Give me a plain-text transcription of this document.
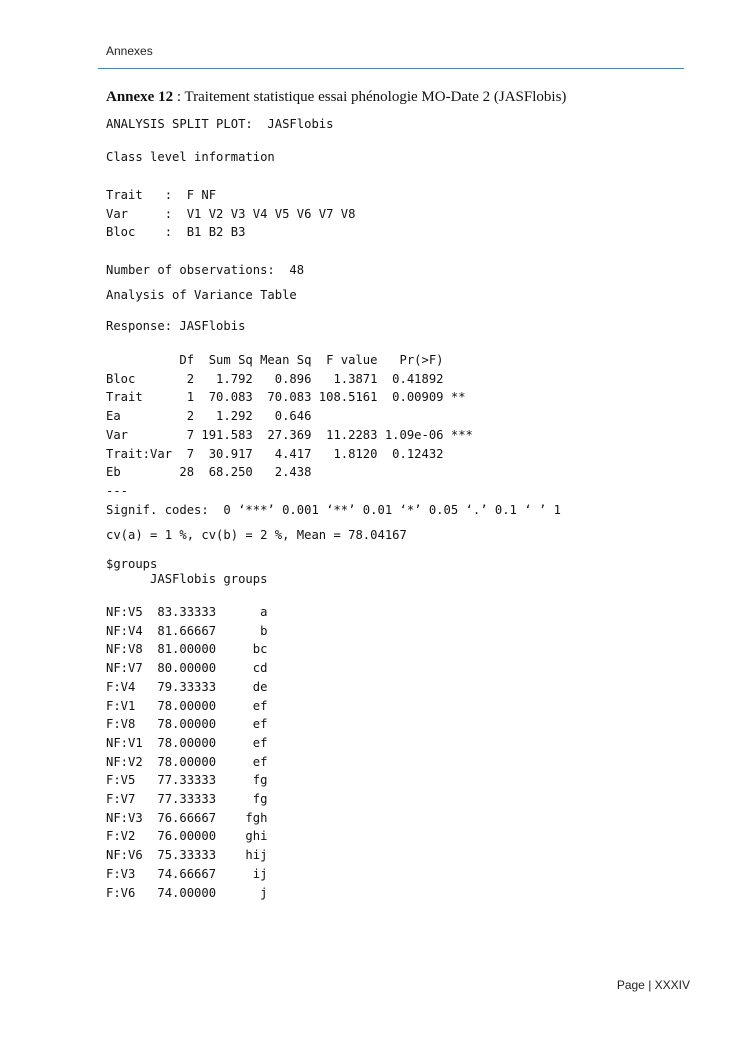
Annexes
Annexe 12 : Traitement statistique essai phénologie MO-Date 2 (JASFlobis)
ANALYSIS SPLIT PLOT:  JASFlobis
Class level information
Trait   :  F NF
Var     :  V1 V2 V3 V4 V5 V6 V7 V8
Bloc    :  B1 B2 B3
Number of observations:  48
Analysis of Variance Table
Response: JASFlobis
Df  Sum Sq Mean Sq  F value   Pr(>F)
Bloc       2   1.792   0.896   1.3871  0.41892
Trait      1  70.083  70.083 108.5161  0.00909 **
Ea         2   1.292   0.646
Var        7 191.583  27.369  11.2283 1.09e-06 ***
Trait:Var  7  30.917   4.417   1.8120  0.12432
Eb        28  68.250   2.438
---
Signif. codes:  0 ‘***’ 0.001 ‘**’ 0.01 ‘*’ 0.05 ‘.’ 0.1 ‘ ’ 1
cv(a) = 1 %, cv(b) = 2 %, Mean = 78.04167
$groups
JASFlobis groups
NF:V5  83.33333      a
NF:V4  81.66667      b
NF:V8  81.00000     bc
NF:V7  80.00000     cd
F:V4   79.33333     de
F:V1   78.00000     ef
F:V8   78.00000     ef
NF:V1  78.00000     ef
NF:V2  78.00000     ef
F:V5   77.33333     fg
F:V7   77.33333     fg
NF:V3  76.66667    fgh
F:V2   76.00000    ghi
NF:V6  75.33333    hij
F:V3   74.66667     ij
F:V6   74.00000      j
Page | XXXIV
